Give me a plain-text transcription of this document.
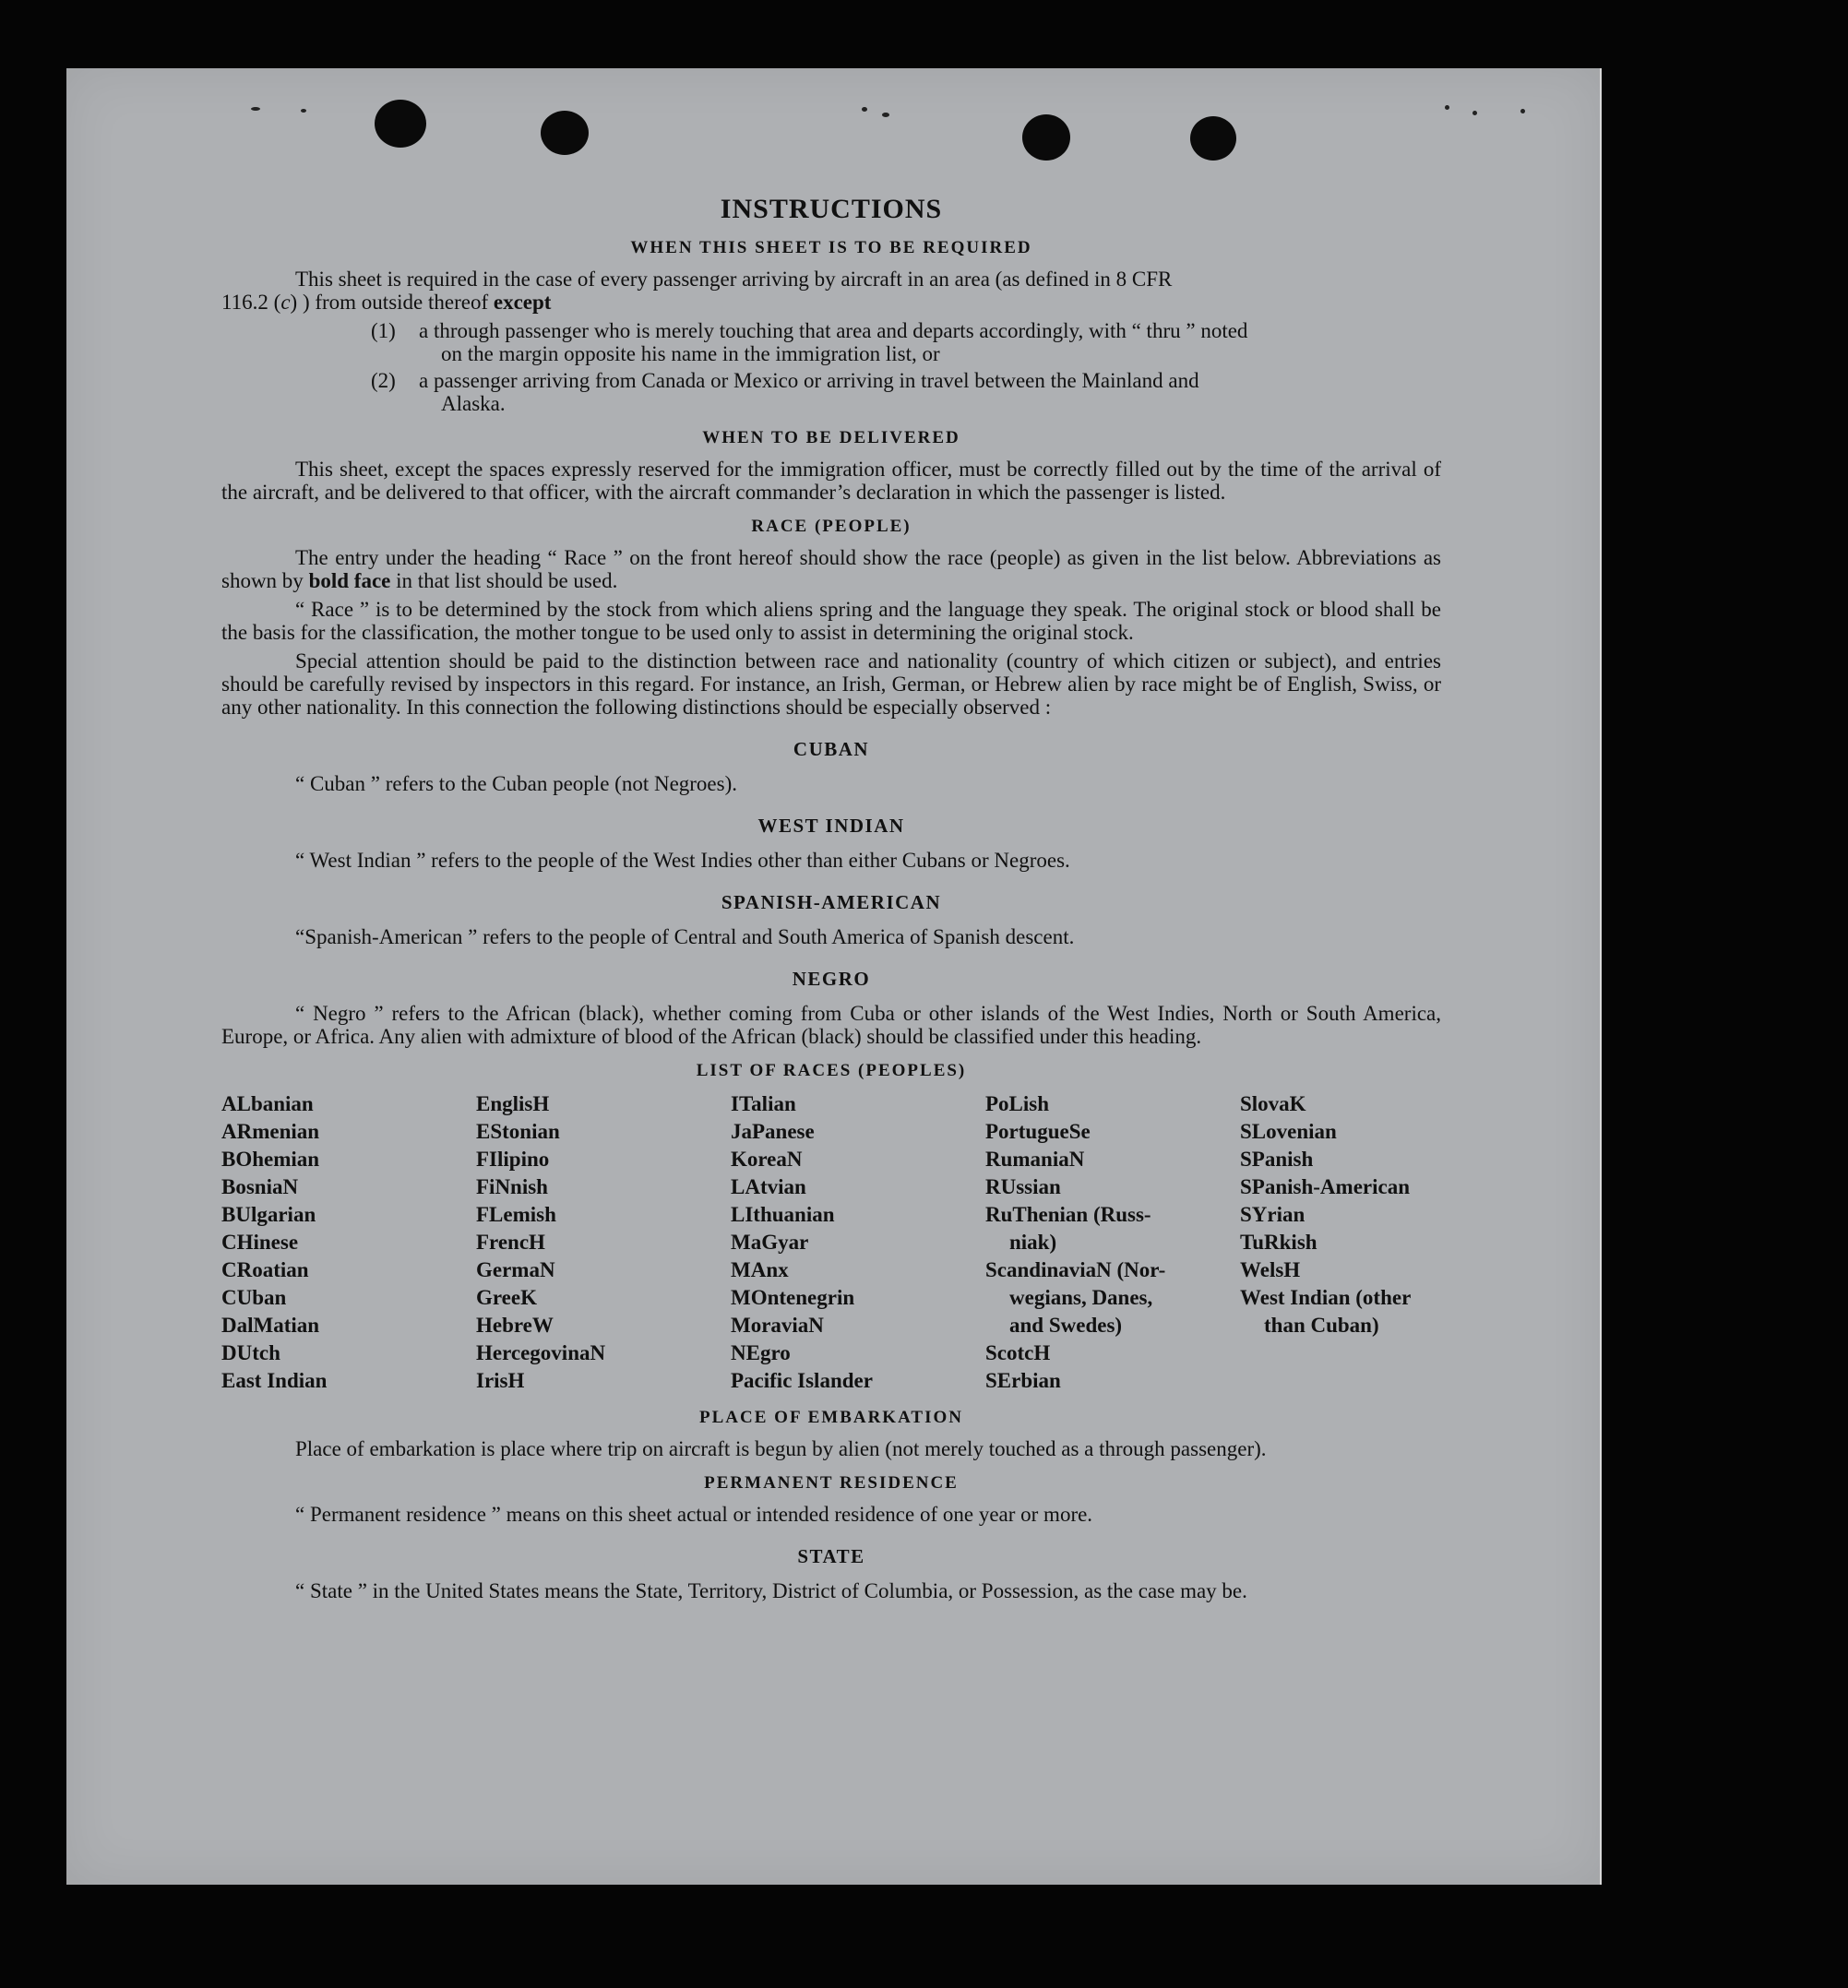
INSTRUCTIONS
WHEN THIS SHEET IS TO BE REQUIRED

This sheet is required in the case of every passenger arriving by aircraft in an area (as defined in 8 CFR

116.2 (c) ) from outside thereof except

(1)	a through passenger who is merely touching that area and departs accordingly, with “ thru ” noted
on the margin opposite his name in the immigration list, or
(2)	a passenger arriving from Canada or Mexico or arriving in travel between the Mainland and
Alaska.
WHEN TO BE DELIVERED

This sheet, except the spaces expressly reserved for the immigration officer, must be correctly filled out by the time of the arrival of the aircraft, and be delivered to that officer, with the aircraft commander’s declaration in which the passenger is listed.

RACE (PEOPLE)

The entry under the heading “ Race ” on the front hereof should show the race (people) as given in the list below. Abbreviations as shown by bold face in that list should be used.

“ Race ” is to be determined by the stock from which aliens spring and the language they speak. The original stock or blood shall be the basis for the classification, the mother tongue to be used only to assist in determining the original stock.

Special attention should be paid to the distinction between race and nationality (country of which citizen or subject), and entries should be carefully revised by inspectors in this regard. For instance, an Irish, German, or Hebrew alien by race might be of English, Swiss, or any other nationality. In this connection the following distinctions should be especially observed :

CUBAN

“ Cuban ” refers to the Cuban people (not Negroes).

WEST INDIAN

“ West Indian ” refers to the people of the West Indies other than either Cubans or Negroes.

SPANISH-AMERICAN

“Spanish-American ” refers to the people of Central and South America of Spanish descent.

NEGRO

“ Negro ” refers to the African (black), whether coming from Cuba or other islands of the West Indies, North or South America, Europe, or Africa. Any alien with admixture of blood of the African (black) should be classified under this heading.

LIST OF RACES (PEOPLES)
ALbanian
ARmenian
BOhemian
BosniaN
BUlgarian
CHinese
CRoatian
CUban
DalMatian
DUtch
East Indian
EnglisH
EStonian
FIlipino
FiNnish
FLemish
FrencH
GermaN
GreeK
HebreW
HercegovinaN
IrisH
ITalian
JaPanese
KoreaN
LAtvian
LIthuanian
MaGyar
MAnx
MOntenegrin
MoraviaN
NEgro
Pacific Islander
PoLish
PortugueSe
RumaniaN
RUssian
RuThenian (Russ-
niak)
ScandinaviaN (Nor-
wegians, Danes,
and Swedes)
ScotcH
SErbian
SlovaK
SLovenian
SPanish
SPanish-American
SYrian
TuRkish
WelsH
West Indian (other
than Cuban)
PLACE OF EMBARKATION

Place of embarkation is place where trip on aircraft is begun by alien (not merely touched as a through passenger).

PERMANENT RESIDENCE

“ Permanent residence ” means on this sheet actual or intended residence of one year or more.

STATE

“ State ” in the United States means the State, Territory, District of Columbia, or Possession, as the case may be.
